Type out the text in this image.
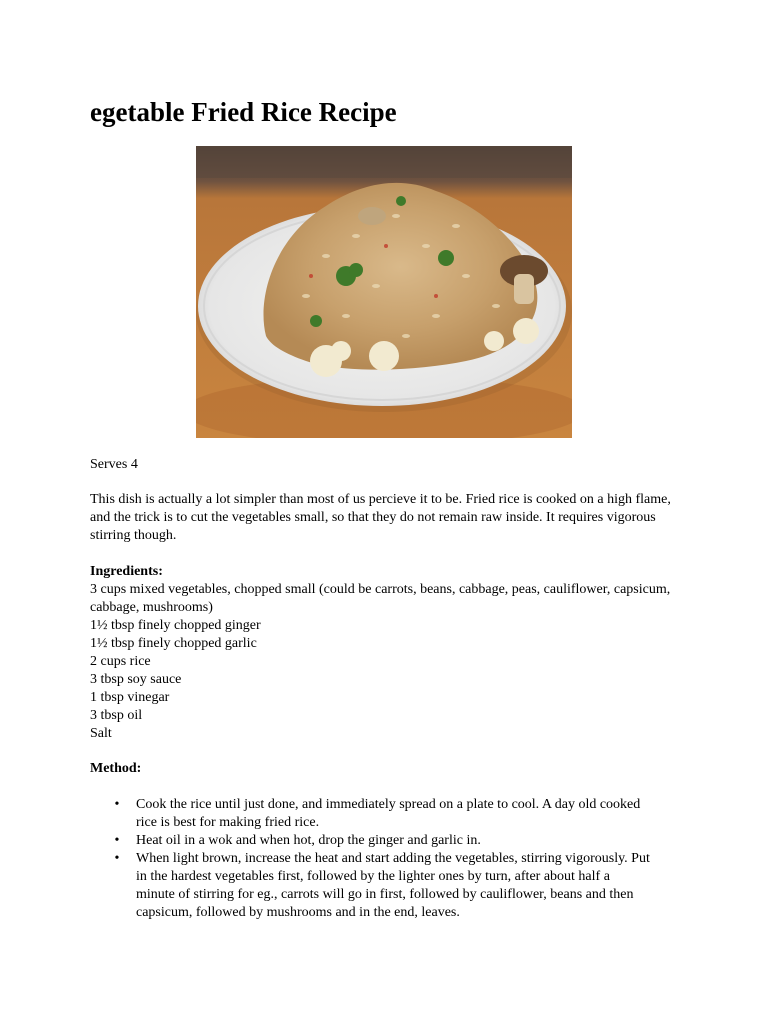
egetable Fried Rice Recipe

Serves 4

This dish is actually a lot simpler than most of us percieve it to be. Fried rice is cooked on a high flame, and the trick is to cut the vegetables small, so that they do not remain raw inside. It requires vigorous stirring though.

Ingredients:

3 cups mixed vegetables, chopped small (could be carrots, beans, cabbage, peas, cauliflower, capsicum, cabbage, mushrooms)
1½ tbsp finely chopped ginger
1½ tbsp finely chopped garlic
2 cups rice
3 tbsp soy sauce
1 tbsp vinegar
3 tbsp oil
Salt

Method:

• Cook the rice until just done, and immediately spread on a plate to cool. A day old cooked rice is best for making fried rice.
• Heat oil in a wok and when hot, drop the ginger and garlic in.
• When light brown, increase the heat and start adding the vegetables, stirring vigorously. Put in the hardest vegetables first, followed by the lighter ones by turn, after about half a minute of stirring for eg., carrots will go in first, followed by cauliflower, beans and then capsicum, followed by mushrooms and in the end, leaves.
